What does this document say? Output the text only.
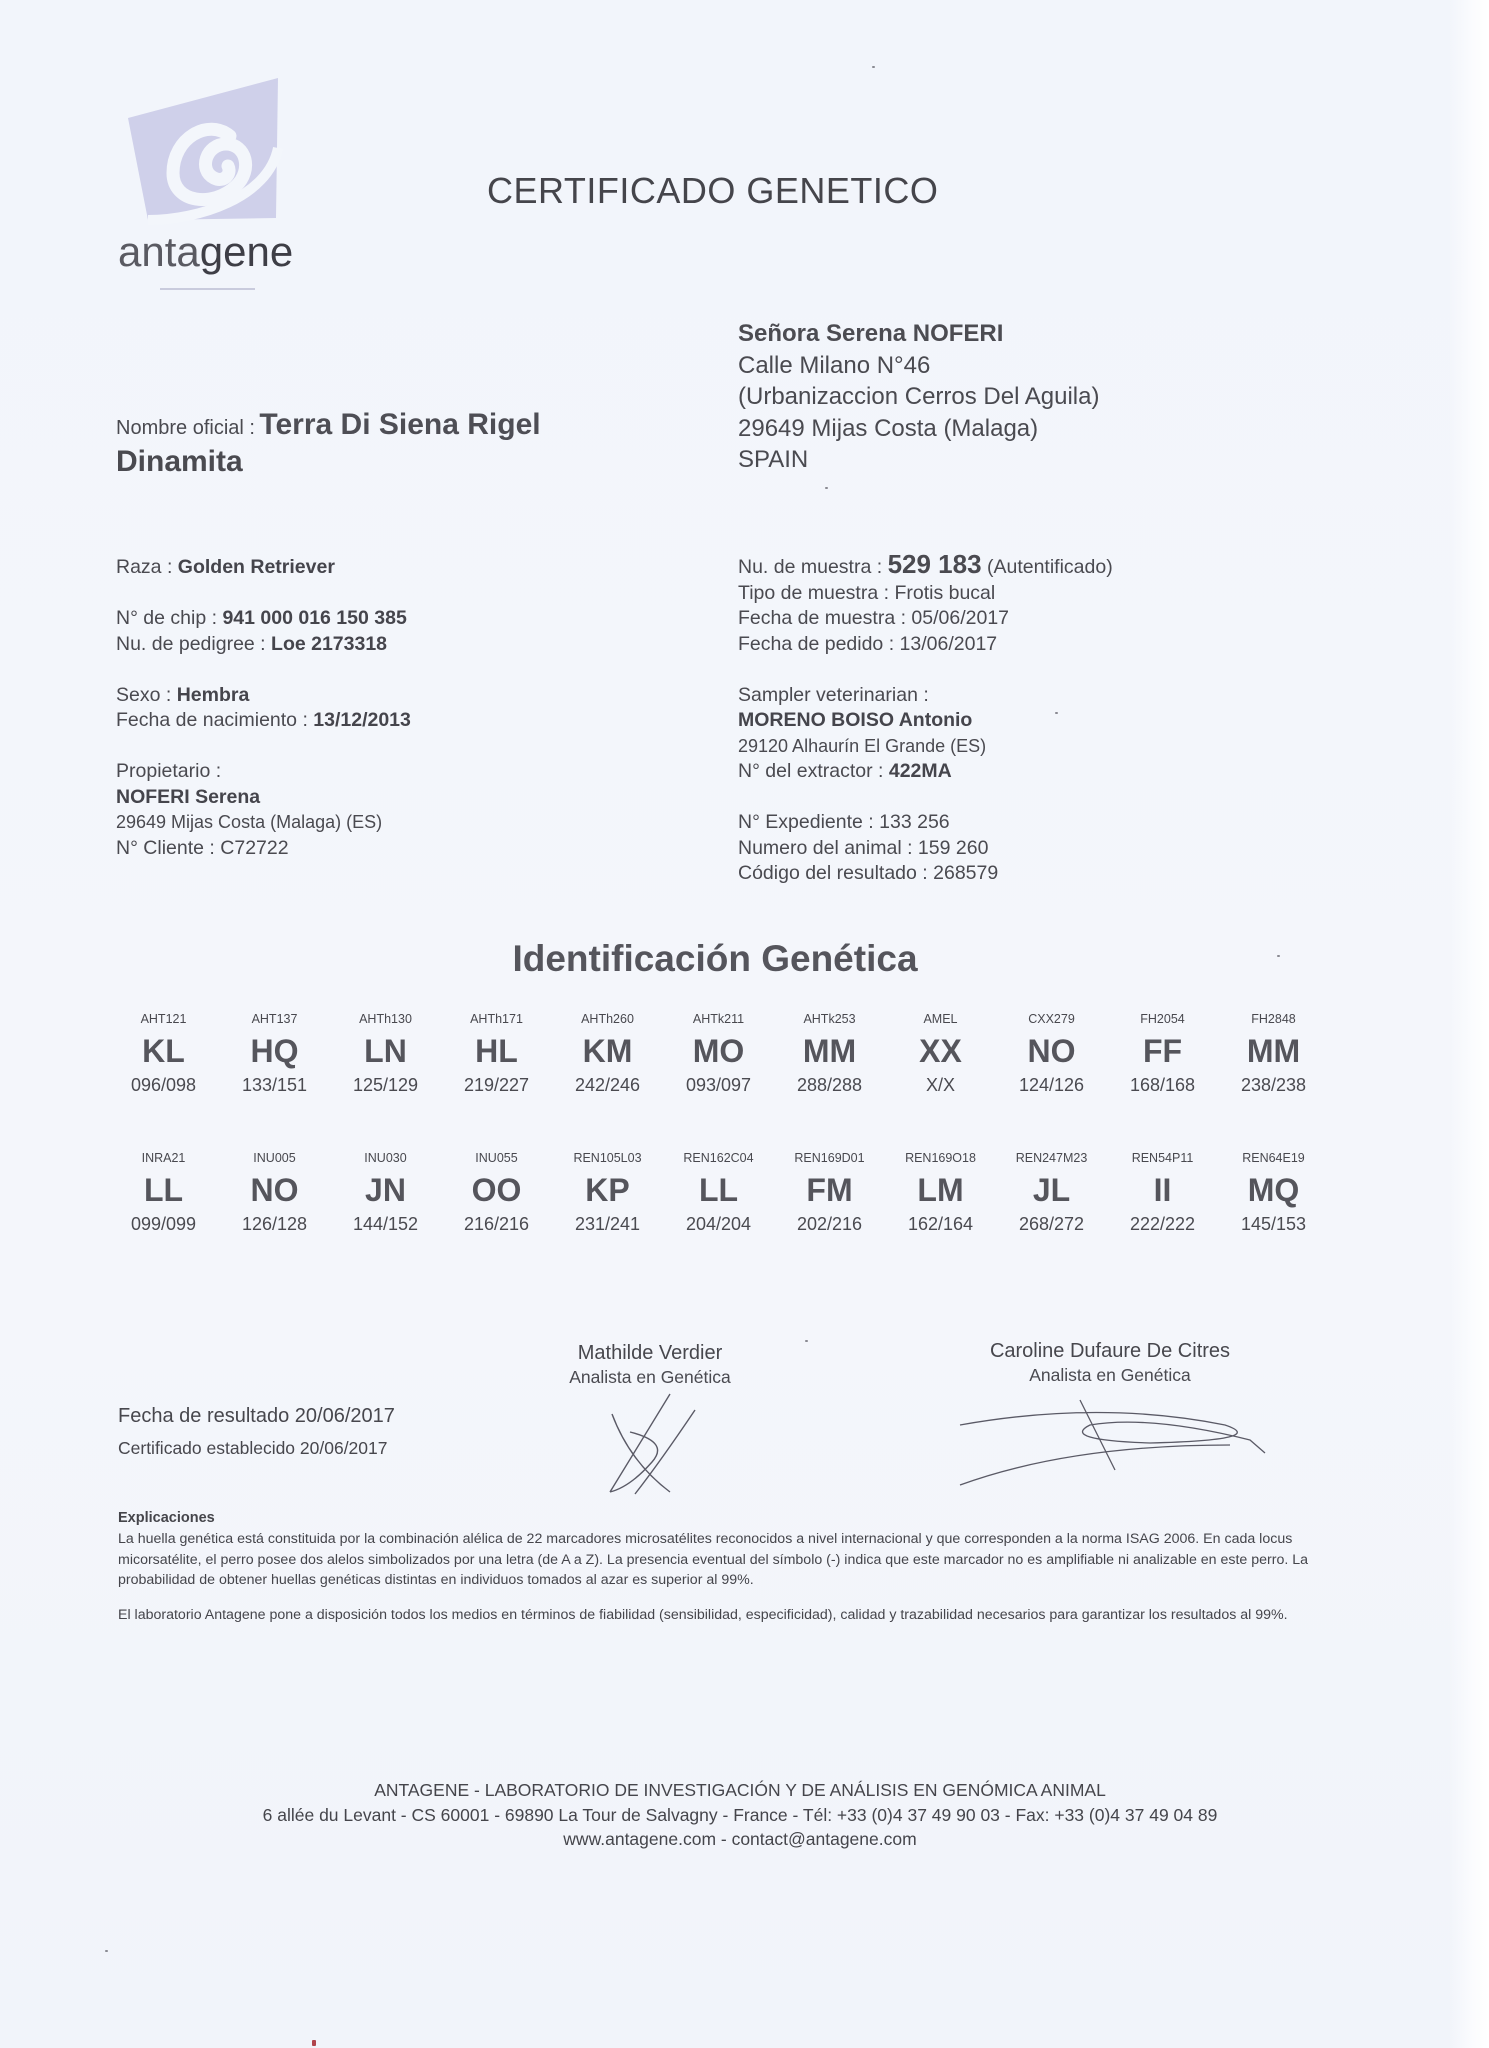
antagene
CERTIFICADO GENETICO
Señora Serena NOFERI
Calle Milano N°46
(Urbanizaccion Cerros Del Aguila)
29649 Mijas Costa (Malaga)
SPAIN
Nombre oficial : Terra Di Siena Rigel
Dinamita
Raza : Golden Retriever
N° de chip : 941 000 016 150 385
Nu. de pedigree : Loe 2173318
Sexo : Hembra
Fecha de nacimiento : 13/12/2013
Propietario :
NOFERI Serena
29649 Mijas Costa (Malaga) (ES)
N° Cliente : C72722
Nu. de muestra : 529 183 (Autentificado)
Tipo de muestra : Frotis bucal
Fecha de muestra : 05/06/2017
Fecha de pedido : 13/06/2017
Sampler veterinarian :
MORENO BOISO Antonio
29120 Alhaurín El Grande (ES)
N° del extractor : 422MA
N° Expediente : 133 256
Numero del animal : 159 260
Código del resultado : 268579
Identificación Genética
AHT121
KL
096/098
AHT137
HQ
133/151
AHTh130
LN
125/129
AHTh171
HL
219/227
AHTh260
KM
242/246
AHTk211
MO
093/097
AHTk253
MM
288/288
AMEL
XX
X/X
CXX279
NO
124/126
FH2054
FF
168/168
FH2848
MM
238/238
INRA21
LL
099/099
INU005
NO
126/128
INU030
JN
144/152
INU055
OO
216/216
REN105L03
KP
231/241
REN162C04
LL
204/204
REN169D01
FM
202/216
REN169O18
LM
162/164
REN247M23
JL
268/272
REN54P11
II
222/222
REN64E19
MQ
145/153
Mathilde Verdier
Analista en Genética
Caroline Dufaure De Citres
Analista en Genética
Fecha de resultado 20/06/2017
Certificado establecido 20/06/2017
Explicaciones

La huella genética está constituida por la combinación alélica de 22 marcadores microsatélites reconocidos a nivel internacional y que corresponden a la norma ISAG 2006. En cada locus micorsatélite, el perro posee dos alelos simbolizados por una letra (de A a Z). La presencia eventual del símbolo (-) indica que este marcador no es amplifiable ni analizable en este perro. La probabilidad de obtener huellas genéticas distintas en individuos tomados al azar es superior al 99%.

El laboratorio Antagene pone a disposición todos los medios en términos de fiabilidad (sensibilidad, especificidad), calidad y trazabilidad necesarios para garantizar los resultados al 99%.

ANTAGENE - LABORATORIO DE INVESTIGACIÓN Y DE ANÁLISIS EN GENÓMICA ANIMAL
6 allée du Levant - CS 60001 - 69890 La Tour de Salvagny - France - Tél: +33 (0)4 37 49 90 03 - Fax: +33 (0)4 37 49 04 89
www.antagene.com - contact@antagene.com
